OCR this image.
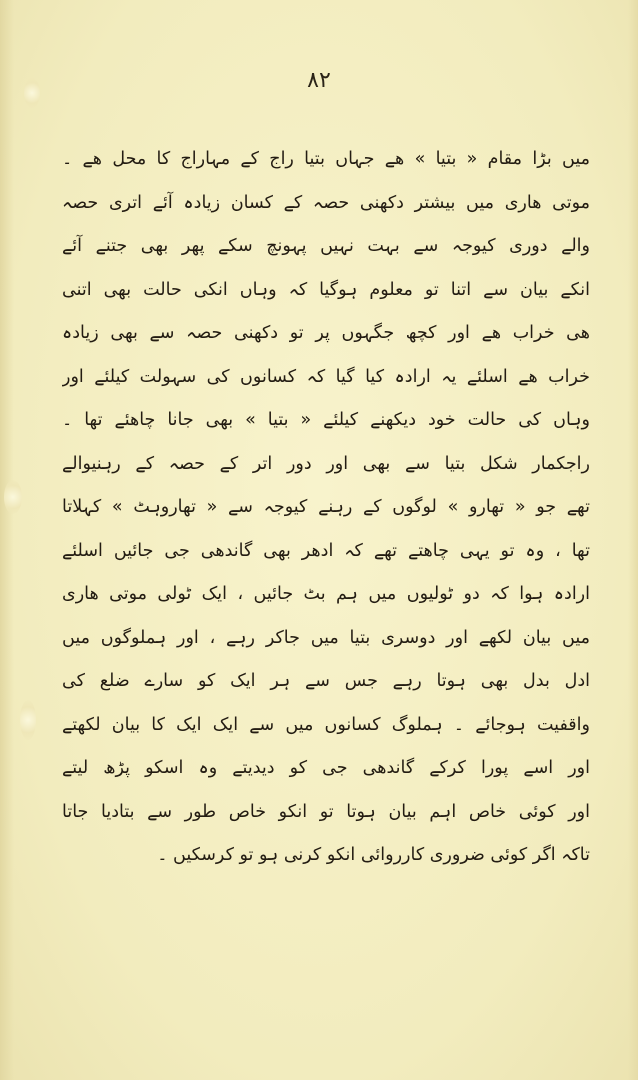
۸۲
میں بڑا مقام « بتیا » ھے جہاں بتیا راج کے مہاراج کا محل ھے ۔
موتی ھاری میں بیشتر دکھنی حصہ کے کسان زیادہ آئے اتری حصہ
والے دوری کیوجہ سے بہت نہیں پہونچ سکے پھر بھی جتنے آئے
انکے بیان سے اتنا تو معلوم ہوگیا کہ وہاں انکی حالت بھی اتنی
ھی خراب ھے اور کچھ جگہوں پر تو دکھنی حصہ سے بھی زیادہ
خراب ھے اسلئے یہ ارادہ کیا گیا کہ کسانوں کی سہولت کیلئے اور
وہاں کی حالت خود دیکھنے کیلئے « بتیا » بھی جانا چاھئے تھا ۔
راجکمار شکل بتیا سے بھی اور دور اتر کے حصہ کے رہنیوالے
تھے جو « تھارو » لوگوں کے رہنے کیوجہ سے « تھاروہٹ » کہلاتا
تھا ، وہ تو یہی چاھتے تھے کہ ادھر بھی گاندھی جی جائیں اسلئے
ارادہ ہوا کہ دو ٹولیوں میں ہم بٹ جائیں ، ایک ٹولی موتی ھاری
میں بیان لکھے اور دوسری بتیا میں جاکر رہے ، اور ہملوگوں میں
ادل بدل بھی ہوتا رہے جس سے ہر ایک کو سارے ضلع کی
واقفیت ہوجائے ۔ ہملوگ کسانوں میں سے ایک ایک کا بیان لکھتے
اور اسے پورا کرکے گاندھی جی کو دیدیتے وہ اسکو پڑھ لیتے
اور کوئی خاص اہم بیان ہوتا تو انکو خاص طور سے بتادیا جاتا
تاکہ اگر کوئی ضروری کارروائی انکو کرنی ہو تو کرسکیں ۔
